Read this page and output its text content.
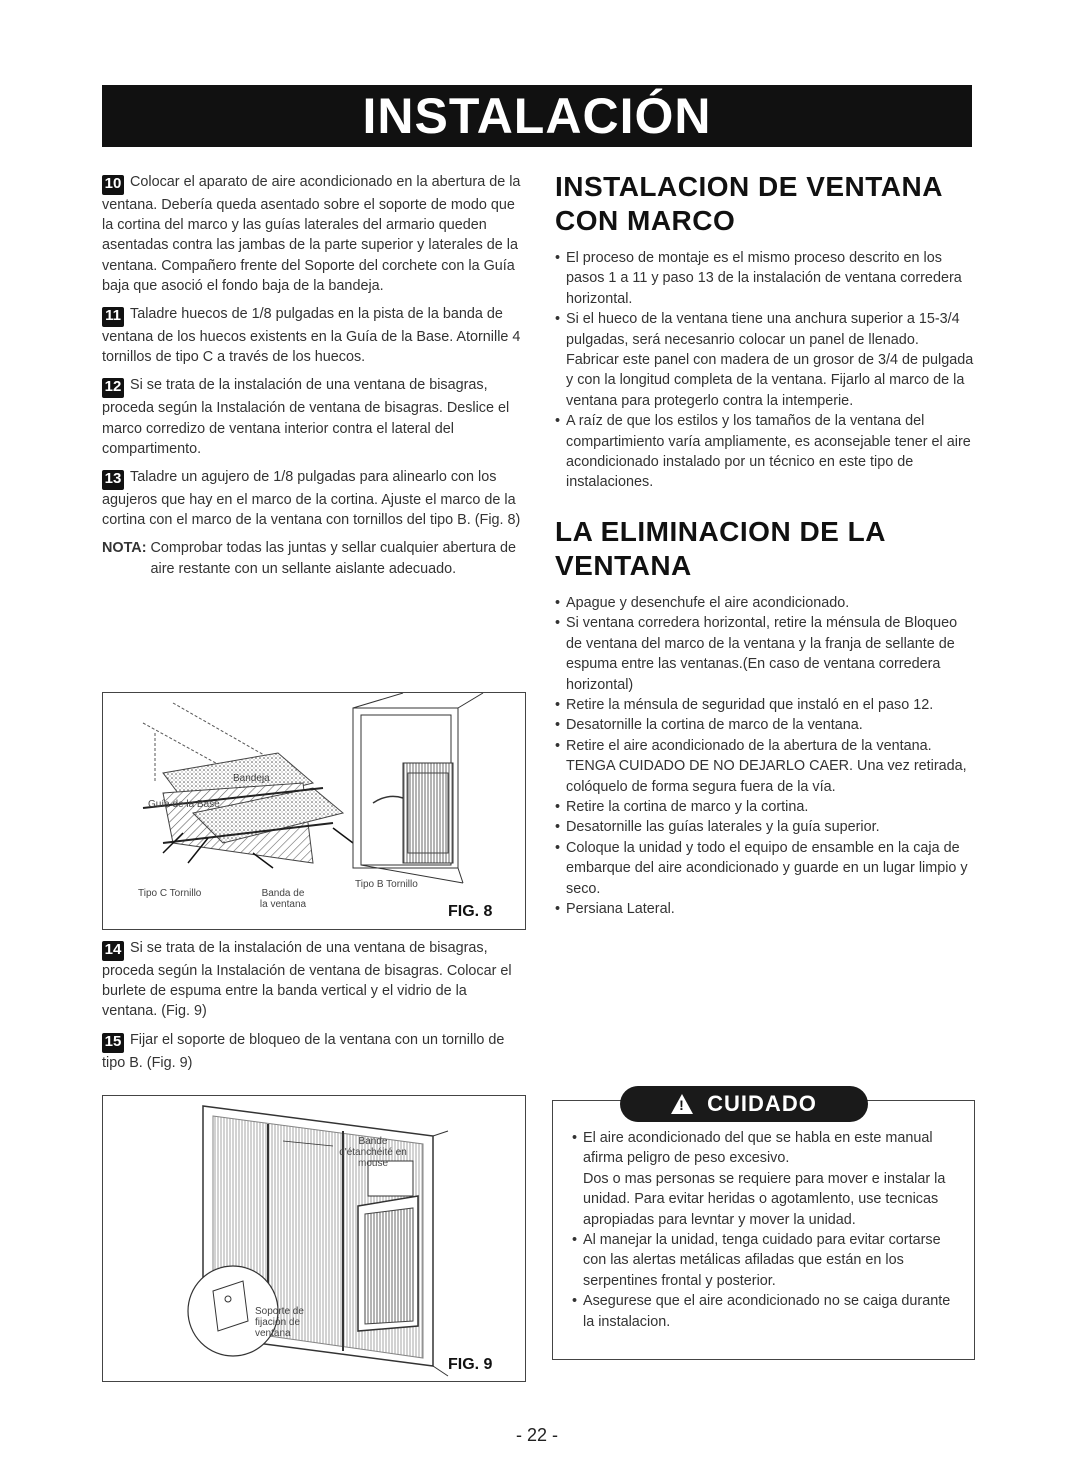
INSTALACIÓN

10 Colocar el aparato de aire acondicionado en la abertura de la ventana. Debería queda asentado sobre el soporte de modo que la cortina del marco y las guías laterales del armario queden asentadas contra las jambas de la parte superior y laterales de la ventana. Compañero frente del Soporte del corchete con la Guía baja que asoció el fondo baja de la bandeja.

11 Taladre huecos de 1/8 pulgadas en la pista de la banda de ventana de los huecos existents en la Guía de la Base. Atornille 4 tornillos de tipo C a través de los huecos.

12 Si se trata de la instalación de una ventana de bisagras, proceda según la Instalación de ventana de bisagras. Deslice el marco corredizo de ventana interior contra el lateral del compartimento.

13 Taladre un agujero de 1/8 pulgadas para alinearlo con los agujeros que hay en el marco de la cortina. Ajuste el marco de la cortina con el marco de la ventana con tornillos del tipo B. (Fig. 8)

NOTA: Comprobar todas las juntas y sellar cualquier abertura de aire restante con un sellante aislante adecuado.
Bandeja
Guía de la Base
Tipo C Tornillo	Banda de la ventana
Tipo B Tornillo
FIG. 8

14 Si se trata de la instalación de una ventana de bisagras, proceda según la Instalación de ventana de bisagras. Colocar el burlete de espuma entre la banda vertical y el vidrio de la ventana. (Fig. 9)

15 Fijar el soporte de bloqueo de la ventana con un tornillo de tipo B. (Fig. 9)

Bande d'étanchéité en mouse
Soporte de fijación de ventana
FIG. 9
INSTALACION DE VENTANA
CON MARCO
• El proceso de montaje es el mismo proceso descrito en los pasos 1 a 11 y paso 13 de la instalación de ventana corredera horizontal.
• Si el hueco de la ventana tiene una anchura superior a 15-3/4 pulgadas, será necesanrio colocar un panel de llenado. Fabricar este panel con madera de un grosor de 3/4 de pulgada y con la longitud completa de la ventana. Fijarlo al marco de la ventana para protegerlo contra la intemperie.
• A raíz de que los estilos y los tamaños de la ventana del compartimiento varía ampliamente, es aconsejable tener el aire acondicionado instalado por un técnico en este tipo de instalaciones.
LA ELIMINACION DE LA
VENTANA
• Apague y desenchufe el aire acondicionado.
• Si ventana corredera horizontal, retire la ménsula de Bloqueo de ventana del marco de la ventana y la franja de sellante de espuma entre las ventanas.(En caso de ventana corredera horizontal)
• Retire la ménsula de seguridad que instaló en el paso 12.
• Desatornille la cortina de marco de la ventana.
• Retire el aire acondicionado de la abertura de la ventana.
TENGA CUIDADO DE NO DEJARLO CAER. Una vez retirada, colóquelo de forma segura fuera de la vía.
• Retire la cortina de marco y la cortina.
• Desatornille las guías laterales y la guía superior.
• Coloque la unidad y todo el equipo de ensamble en la caja de embarque del aire acondicionado y guarde en un lugar limpio y seco.
• Persiana Lateral.
!
CUIDADO
• El aire acondicionado del que se habla en este manual afirma peligro de peso excesivo.
Dos o mas personas se requiere para mover e instalar la unidad. Para evitar heridas o agotamlento, use tecnicas apropiadas para levntar y mover la unidad.
• Al manejar la unidad, tenga cuidado para evitar cortarse con las alertas metálicas afiladas que están en los serpentines frontal y posterior.
• Asegurese que el aire acondicionado no se caiga durante la instalacion.
- 22 -
